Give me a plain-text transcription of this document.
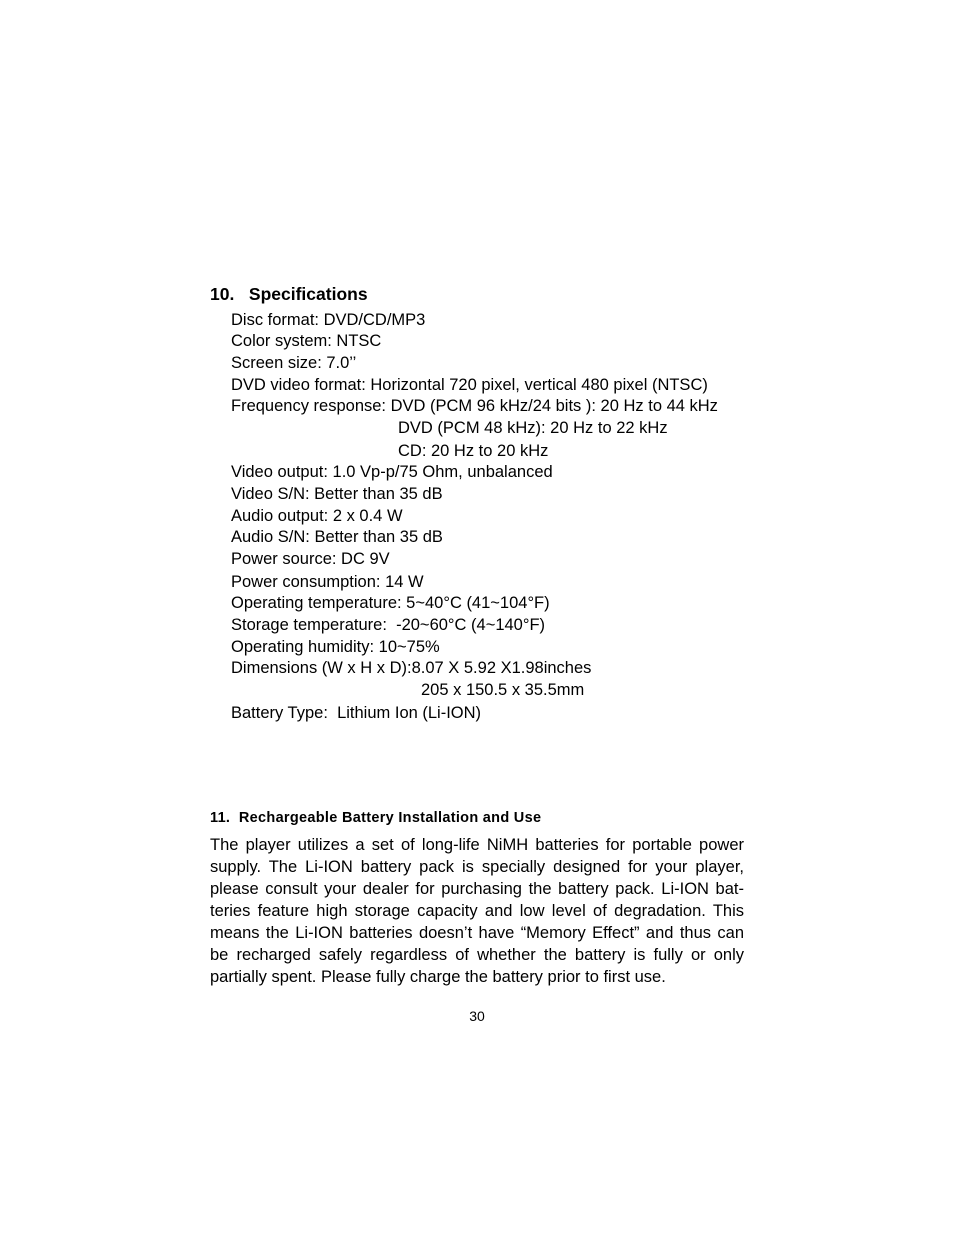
10.   Specifications
Disc format: DVD/CD/MP3
Color system: NTSC
Screen size: 7.0’’
DVD video format: Horizontal 720 pixel, vertical 480 pixel (NTSC)
Frequency response: DVD (PCM 96 kHz/24 bits ): 20 Hz to 44 kHz
DVD (PCM 48 kHz): 20 Hz to 22 kHz
CD: 20 Hz to 20 kHz
Video output: 1.0 Vp-p/75 Ohm, unbalanced
Video S/N: Better than 35 dB
Audio output: 2 x 0.4 W
Audio S/N: Better than 35 dB
Power source: DC 9V
Power consumption: 14 W
Operating temperature: 5~40°C (41~104°F)
Storage temperature:  -20~60°C (4~140°F)
Operating humidity: 10~75%
Dimensions (W x H x D):8.07 X 5.92 X1.98inches
205 x 150.5 x 35.5mm
Battery Type:  Lithium Ion (Li-ION)
11.  Rechargeable Battery Installation and Use
The player utilizes a set of long-life NiMH batteries for portable power
supply. The Li-ION battery pack is specially designed for your player,
please consult your dealer for purchasing the battery pack. Li-ION bat-
teries feature high storage capacity and low level of degradation. This
means the Li-ION batteries doesn’t have “Memory Effect” and thus can
be recharged safely regardless of whether the battery is fully or only
partially spent. Please fully charge the battery prior to first use.
30
